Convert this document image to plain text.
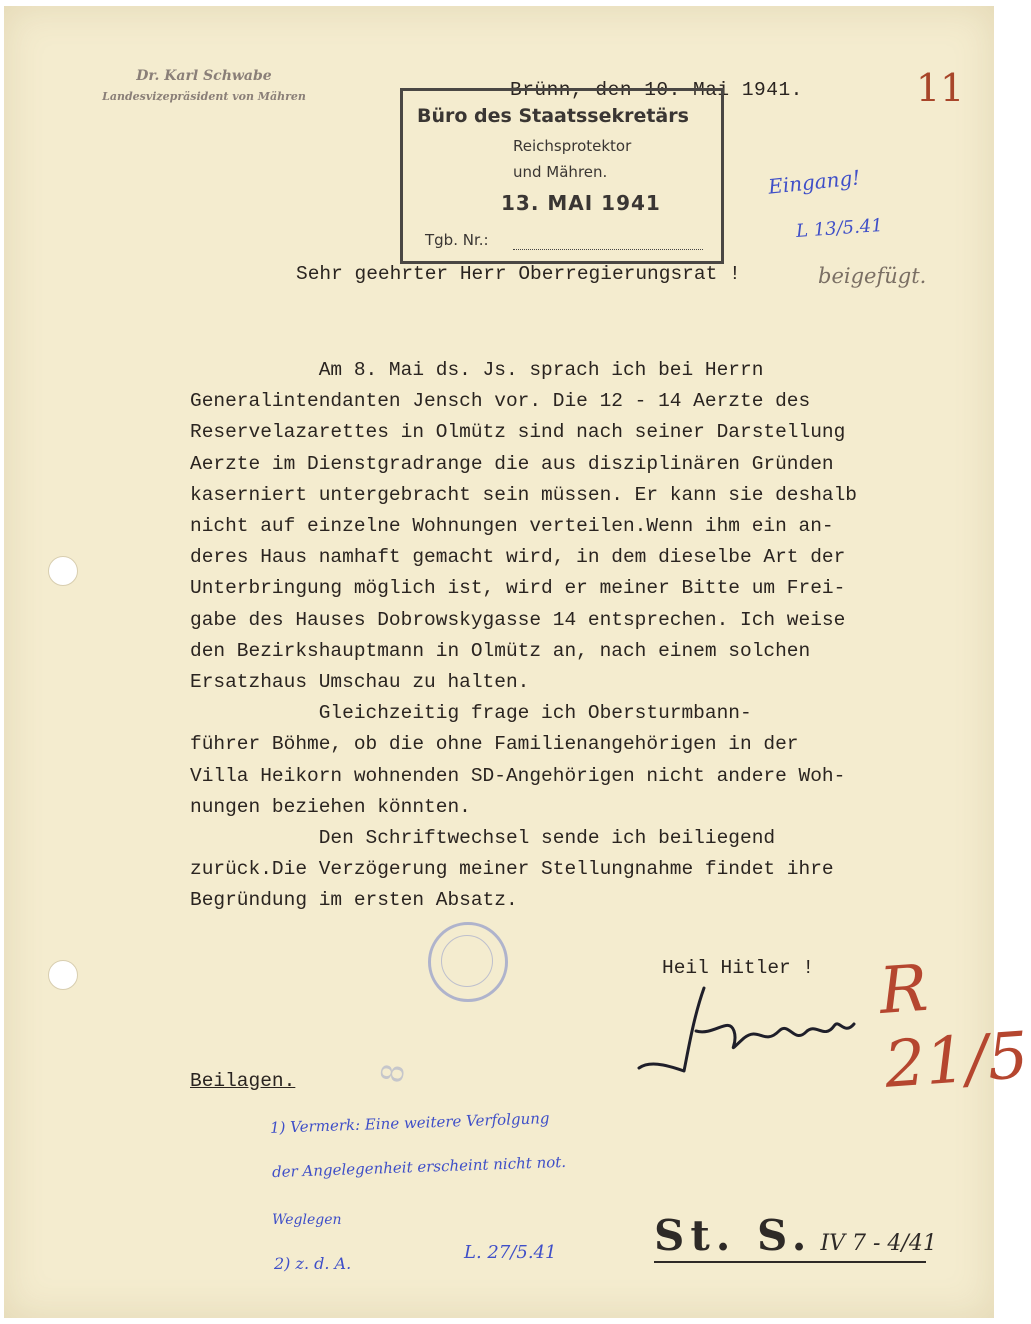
Dr. Karl Schwabe
Landesvizepräsident von Mähren	Brünn, den 10. Mai 1941.
Büro des Staatssekretärs
Reichsprotektor
und Mähren.
13. MAI 1941
Tgb. Nr.:
11
Eingang!
L 13/5.41
beigefügt.
Sehr geehrter Herr Oberregierungsrat !
Am 8. Mai ds. Js. sprach ich bei Herrn
Generalintendanten Jensch vor. Die 12 - 14 Aerzte des
Reservelazarettes in Olmütz sind nach seiner Darstellung
Aerzte im Dienstgradrange die aus disziplinären Gründen
kaserniert untergebracht sein müssen. Er kann sie deshalb
nicht auf einzelne Wohnungen verteilen.Wenn ihm ein an-
deres Haus namhaft gemacht wird, in dem dieselbe Art der
Unterbringung möglich ist, wird er meiner Bitte um Frei-
gabe des Hauses Dobrowskygasse 14 entsprechen. Ich weise
den Bezirkshauptmann in Olmütz an, nach einem solchen
Ersatzhaus Umschau zu halten.
Gleichzeitig frage ich Obersturmbann-
führer Böhme, ob die ohne Familienangehörigen in der
Villa Heikorn wohnenden SD-Angehörigen nicht andere Woh-
nungen beziehen könnten.
Den Schriftwechsel sende ich beiliegend
zurück.Die Verzögerung meiner Stellungnahme findet ihre
Begründung im ersten Absatz.
Heil Hitler ! R 21/5
Beilagen.	8
1) Vermerk: Eine weitere Verfolgung
der Angelegenheit erscheint nicht not.
Weglegen
2) z. d. A.
L. 27/5.41 St. S. IV 7 - 4/41
